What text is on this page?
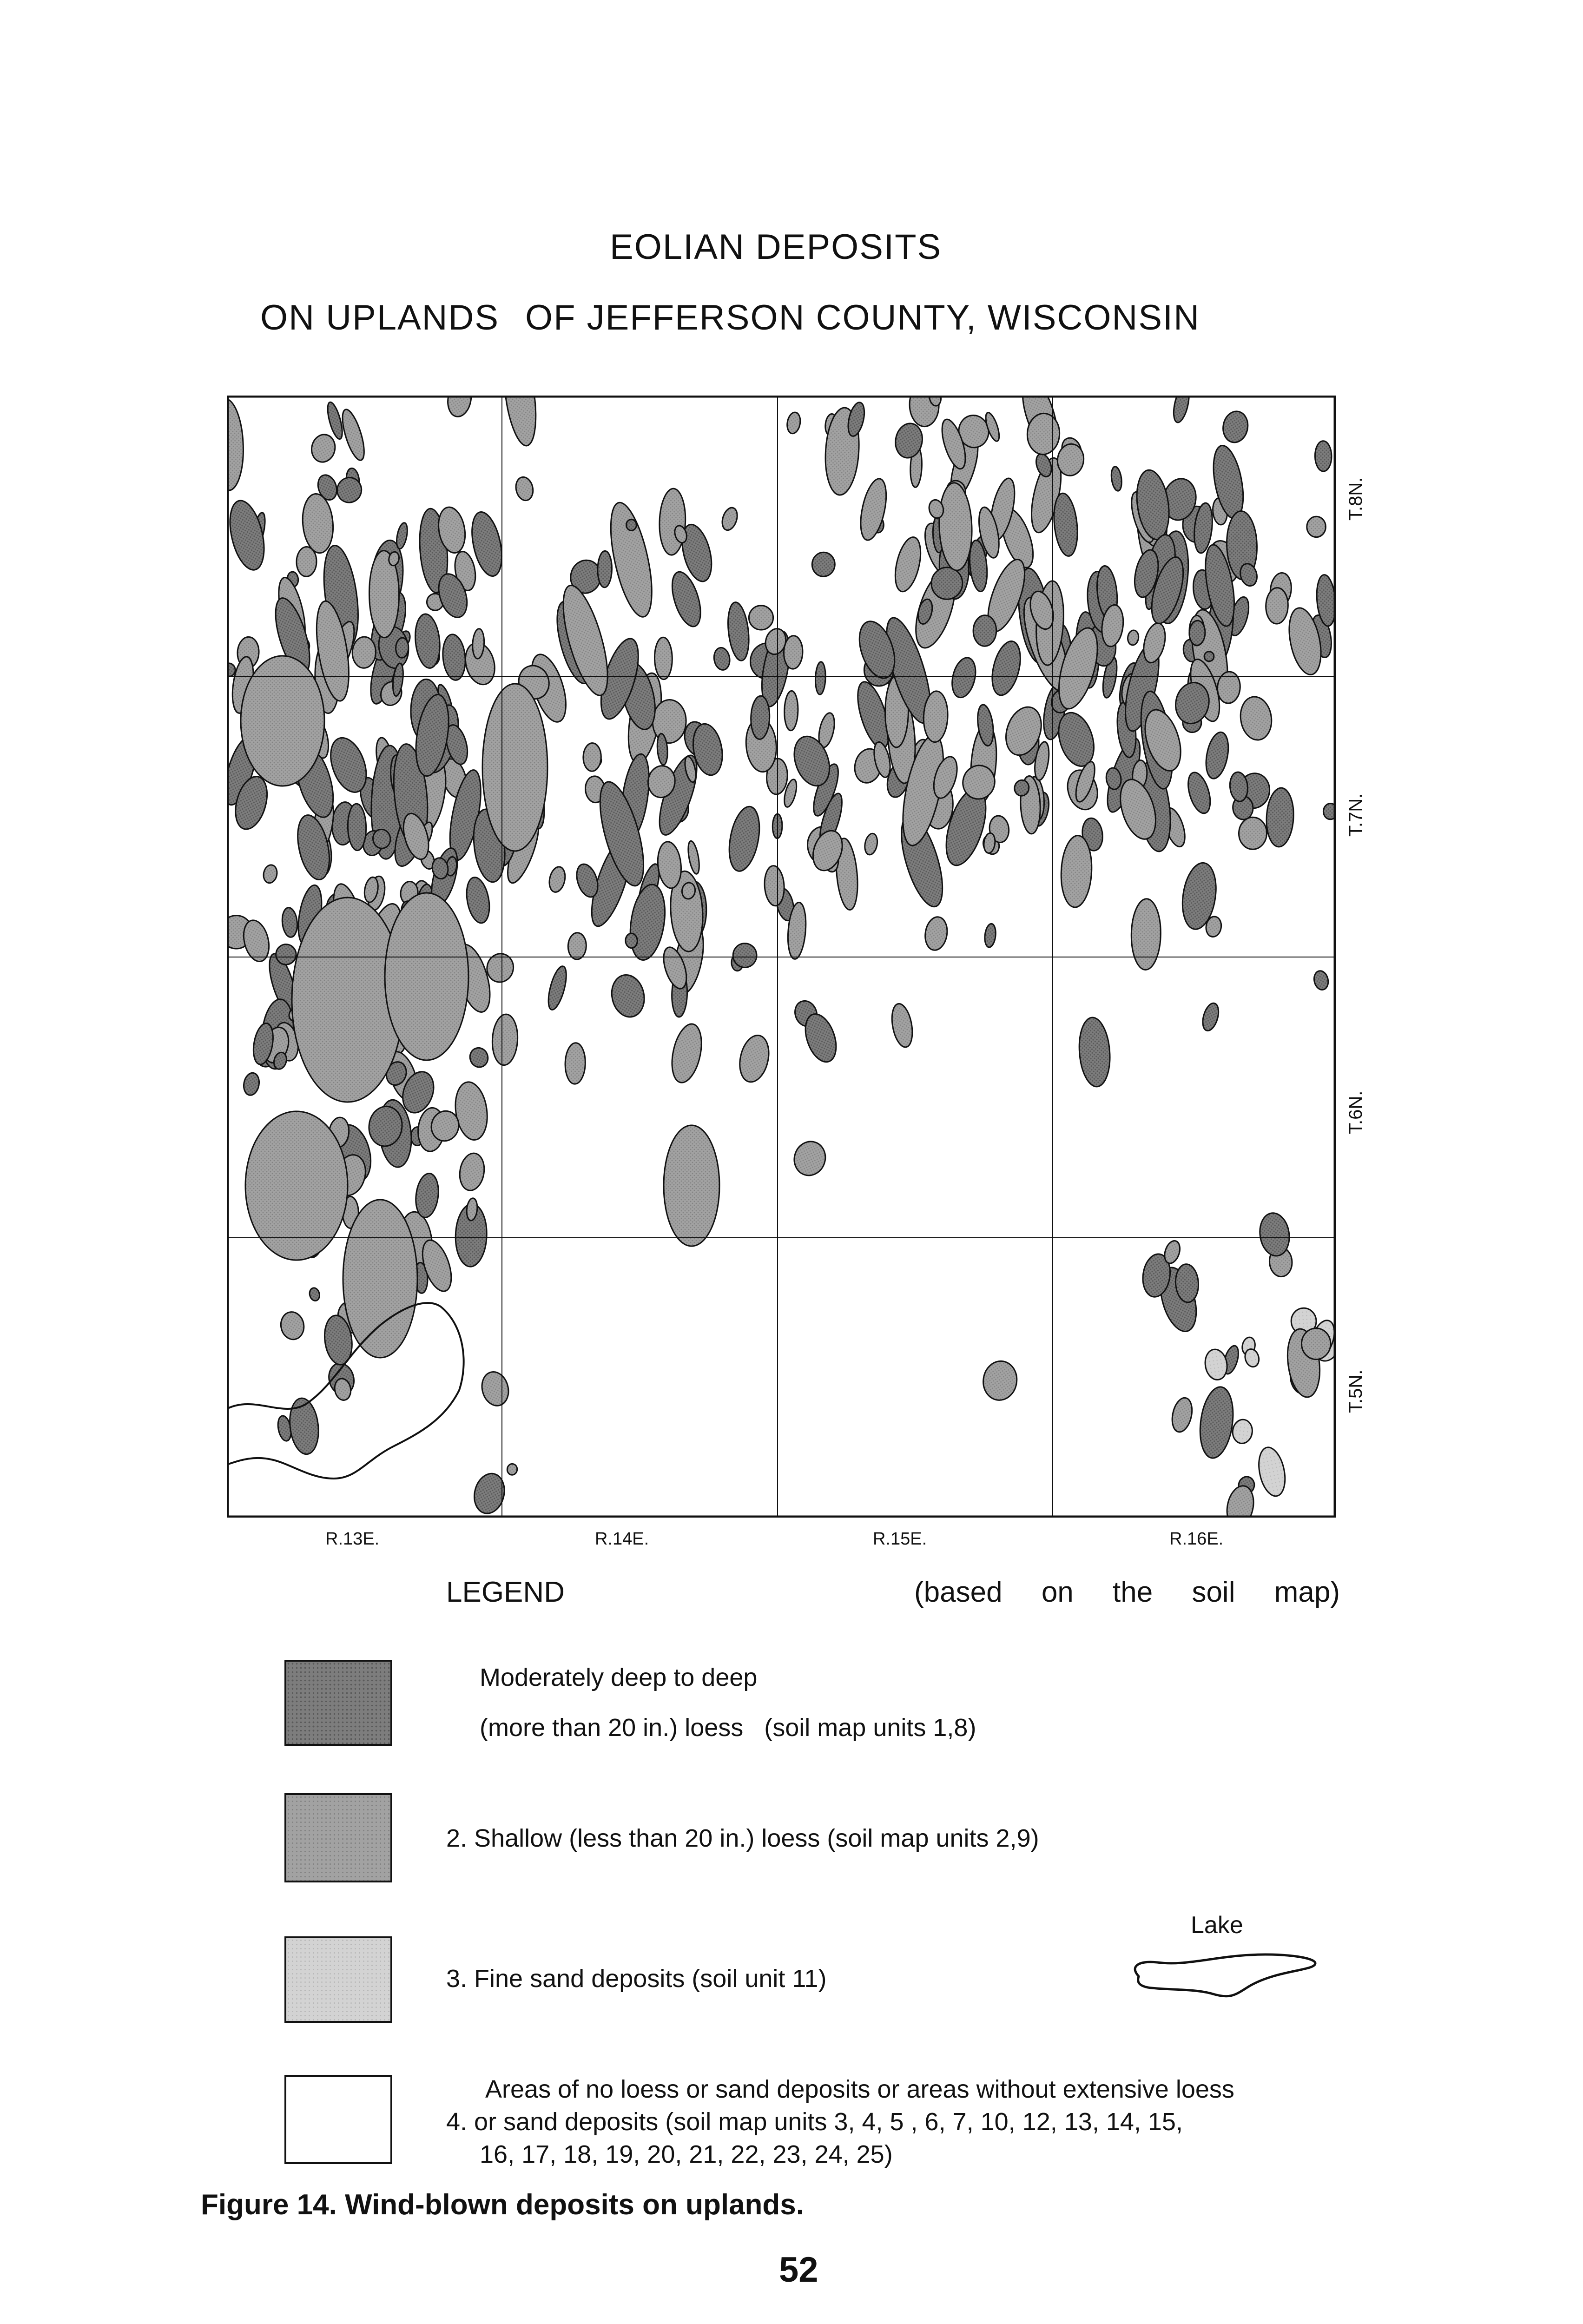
EOLIAN DEPOSITS
ON UPLANDS OF JEFFERSON COUNTY, WISCONSIN
T.8N.
T.7N.
T.6N.
T.5N.
R.13E.	R.14E.	R.15E.	R.16E.
LEGEND	(based on the soil map)
Moderately deep to deep
(more than 20 in.) loess   (soil map units 1,8)
2. Shallow (less than 20 in.) loess (soil map units 2,9)
3. Fine sand deposits (soil unit 11)
Lake
Areas of no loess or sand deposits or areas without extensive loess
4. or sand deposits (soil map units 3, 4, 5 , 6, 7, 10, 12, 13, 14, 15,
16, 17, 18, 19, 20, 21, 22, 23, 24, 25)
Figure 14. Wind-blown deposits on uplands.
52
